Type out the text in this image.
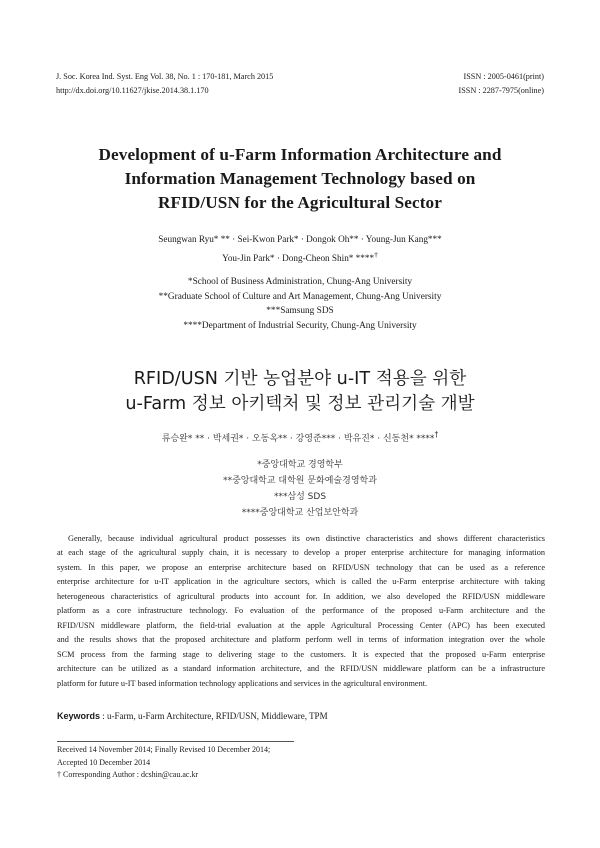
J. Soc. Korea Ind. Syst. Eng Vol. 38, No. 1 : 170-181, March 2015	ISSN : 2005-0461(print)
http://dx.doi.org/10.11627/jkise.2014.38.1.170	ISSN : 2287-7975(online)
Development of u-Farm Information Architecture and
Information Management Technology based on
RFID/USN for the Agricultural Sector
Seungwan Ryu* ** · Sei-Kwon Park* · Dongok Oh** · Young-Jun Kang***
You-Jin Park* · Dong-Cheon Shin* ****†
*School of Business Administration, Chung-Ang University
**Graduate School of Culture and Art Management, Chung-Ang University
***Samsung SDS
****Department of Industrial Security, Chung-Ang University
RFID/USN 기반 농업분야 u-IT 적용을 위한
u-Farm 정보 아키텍처 및 정보 관리기술 개발
류승완* ** · 박세권* · 오동옥** · 강영준*** · 박유진* · 신동천* ****†
*중앙대학교 경영학부
**중앙대학교 대학원 문화예술경영학과
***삼성 SDS
****중앙대학교 산업보안학과
Generally, because individual agricultural product possesses its own distinctive characteristics and shows different characteristics
at each stage of the agricultural supply chain, it is necessary to develop a proper enterprise architecture for managing information
system. In this paper, we propose an enterprise architecture based on RFID/USN technology that can be used as a reference
enterprise architecture for u-IT application in the agriculture sectors, which is called the u-Farm enterprise architecture with taking
heterogeneous characteristics of agricultural products into account for. In addition, we also developed the RFID/USN middleware
platform as a core infrastructure technology. Fo evaluation of the performance of the proposed u-Farm architecture and the
RFID/USN middleware platform, the field-trial evaluation at the apple Agricultural Processing Center (APC) has been executed
and the results shows that the proposed architecture and platform perform well in terms of information integration over the whole
SCM process from the farming stage to delivering stage to the customers. It is expected that the proposed u-Farm enterprise
architecture can be utilized as a standard information architecture, and the RFID/USN middleware platform can be a infrastructure
platform for future u-IT based information technology applications and services in the agricultural environment.
Keywords : u-Farm, u-Farm Architecture, RFID/USN, Middleware, TPM
Received 14 November 2014; Finally Revised 10 December 2014;
Accepted 10 December 2014
† Corresponding Author : dcshin@cau.ac.kr
